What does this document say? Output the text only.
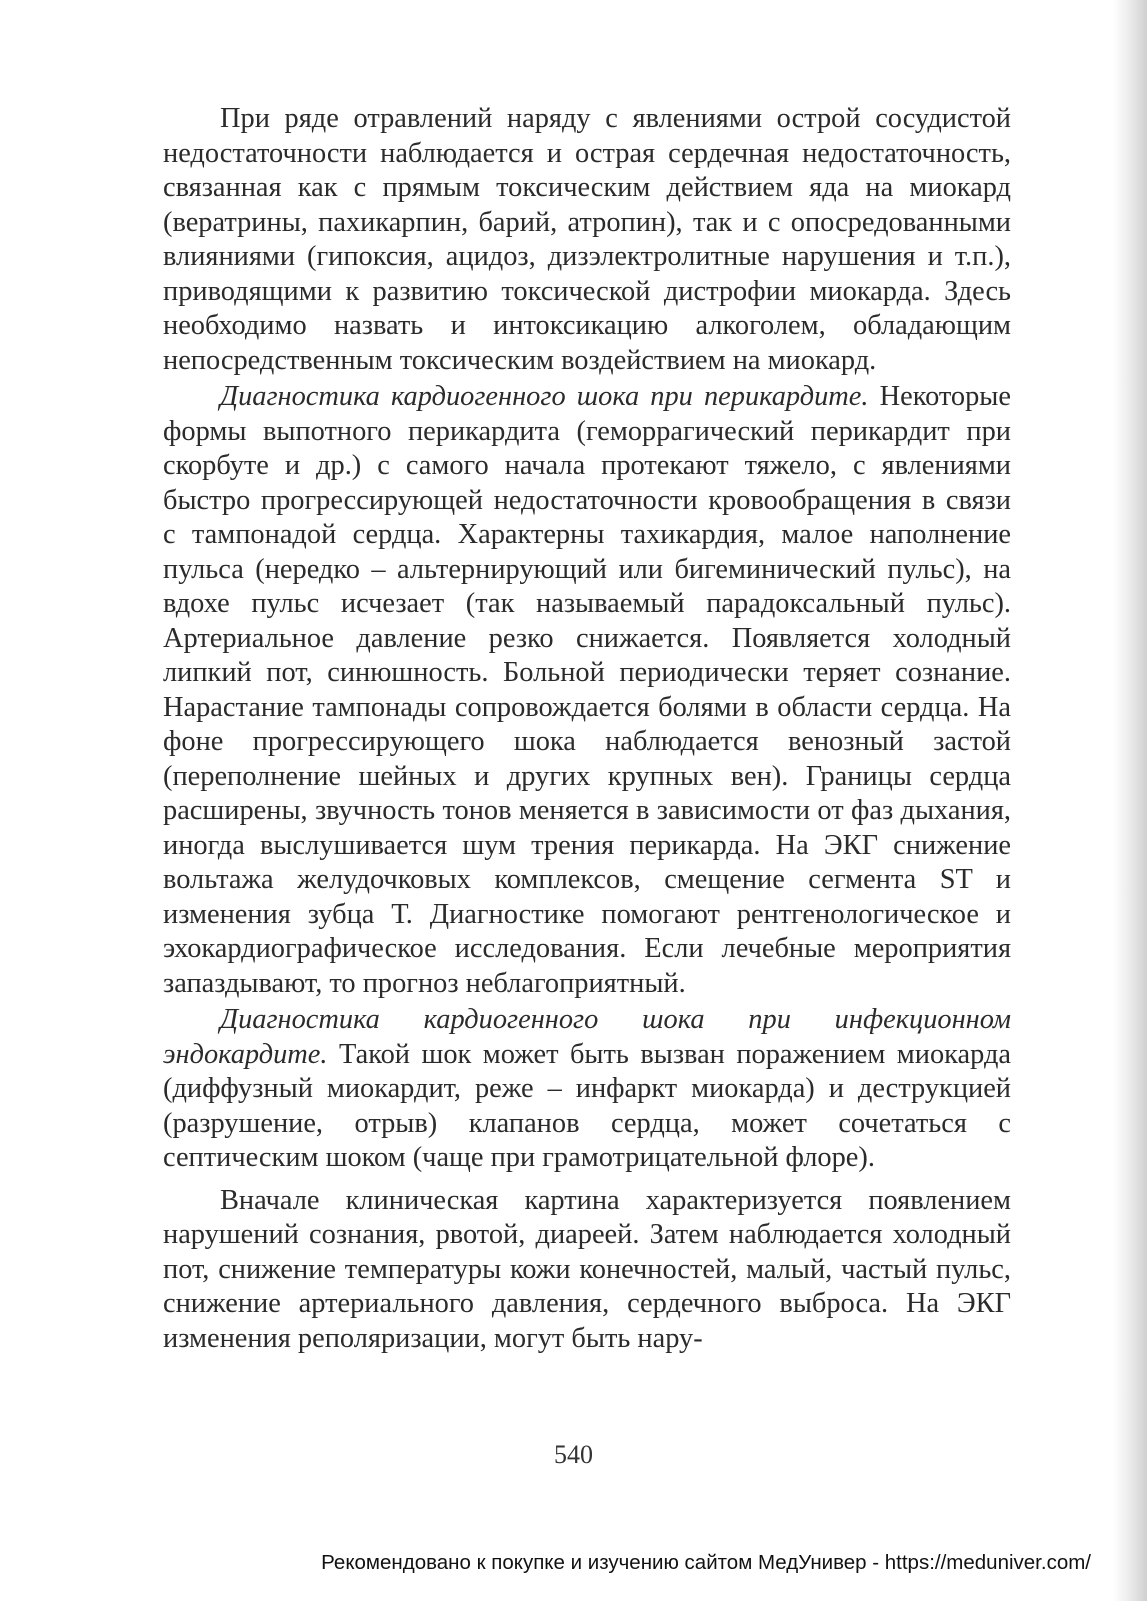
При ряде отравлений наряду с явлениями острой сосудистой недостаточности наблюдается и острая сердечная недостаточность, связанная как с прямым токсическим действием яда на миокард (вератрины, пахикарпин, барий, атропин), так и с опосредованными влияниями (гипоксия, ацидоз, дизэлектролитные нарушения и т.п.), приводящими к развитию токсической дистрофии миокарда. Здесь необходимо назвать и интоксикацию алкоголем, обладающим непосредственным токсическим воздействием на миокард.

Диагностика кардиогенного шока при перикардите. Некоторые формы выпотного перикардита (геморрагический перикардит при скорбуте и др.) с самого начала протекают тяжело, с явлениями быстро прогрессирующей недостаточности кровообращения в связи с тампонадой сердца. Характерны тахикардия, малое наполнение пульса (нередко – альтернирующий или бигеминический пульс), на вдохе пульс исчезает (так называемый парадоксальный пульс). Артериальное давление резко снижается. Появляется холодный липкий пот, синюшность. Больной периодически теряет сознание. Нарастание тампонады сопровождается болями в области сердца. На фоне прогрессирующего шока наблюдается венозный застой (переполнение шейных и других крупных вен). Границы сердца расширены, звучность тонов меняется в зависимости от фаз дыхания, иногда выслушивается шум трения перикарда. На ЭКГ снижение вольтажа желудочковых комплексов, смещение сегмента ST и изменения зубца Т. Диагностике помогают рентгенологическое и эхокардиографическое исследования. Если лечебные мероприятия запаздывают, то прогноз неблагоприятный.

Диагностика кардиогенного шока при инфекционном эндокардите. Такой шок может быть вызван поражением миокарда (диффузный миокардит, реже – инфаркт миокарда) и деструкцией (разрушение, отрыв) клапанов сердца, может сочетаться с септическим шоком (чаще при грамотрицательной флоре).

Вначале клиническая картина характеризуется появлением нарушений сознания, рвотой, диареей. Затем наблюдается холодный пот, снижение температуры кожи конечностей, малый, частый пульс, снижение артериального давления, сердечного выброса. На ЭКГ изменения реполяризации, могут быть нару-

540
Рекомендовано к покупке и изучению сайтом МедУнивер - https://meduniver.com/
